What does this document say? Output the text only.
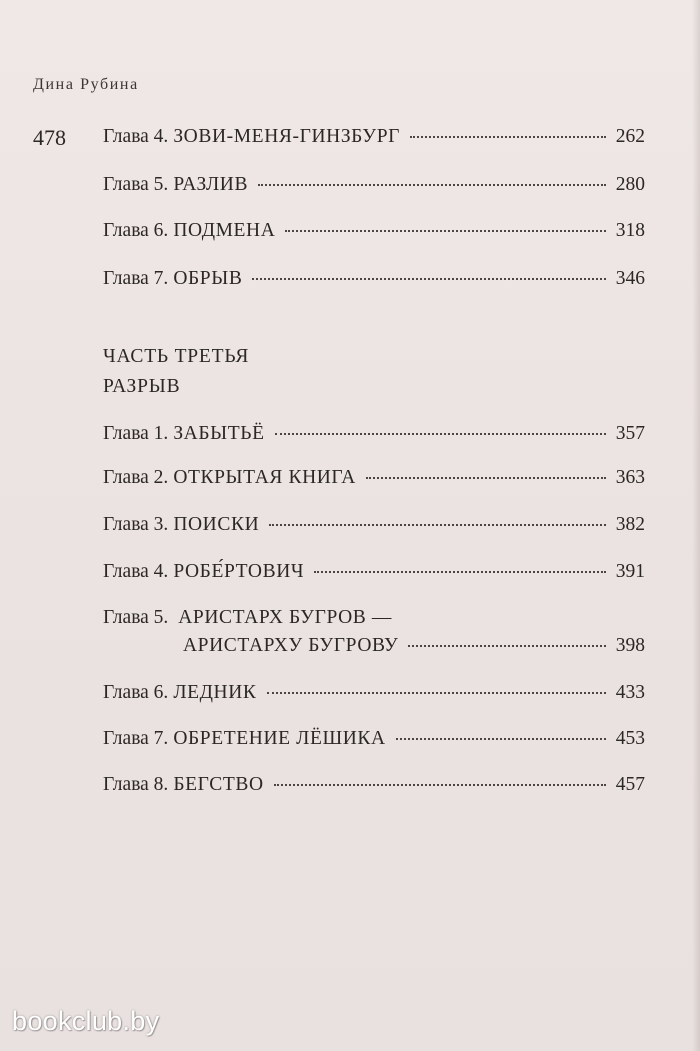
Дина Рубина
478 Глава 4. ЗОВИ-МЕНЯ-ГИНЗБУРГ	262
Глава 5. РАЗЛИВ	280
Глава 6. ПОДМЕНА	318
Глава 7. ОБРЫВ	346
ЧАСТЬ ТРЕТЬЯ
РАЗРЫВ
Глава 1. ЗАБЫТЬЁ	357
Глава 2. ОТКРЫТАЯ КНИГА	363
Глава 3. ПОИСКИ	382
Глава 4. РОБЕ́РТОВИЧ	391
Глава 5. АРИСТАРХ БУГРОВ —
АРИСТАРХУ БУГРОВУ	398
Глава 6. ЛЕДНИК	433
Глава 7. ОБРЕТЕНИЕ ЛЁШИКА	453
Глава 8. БЕГСТВО	457
bookclub.by
